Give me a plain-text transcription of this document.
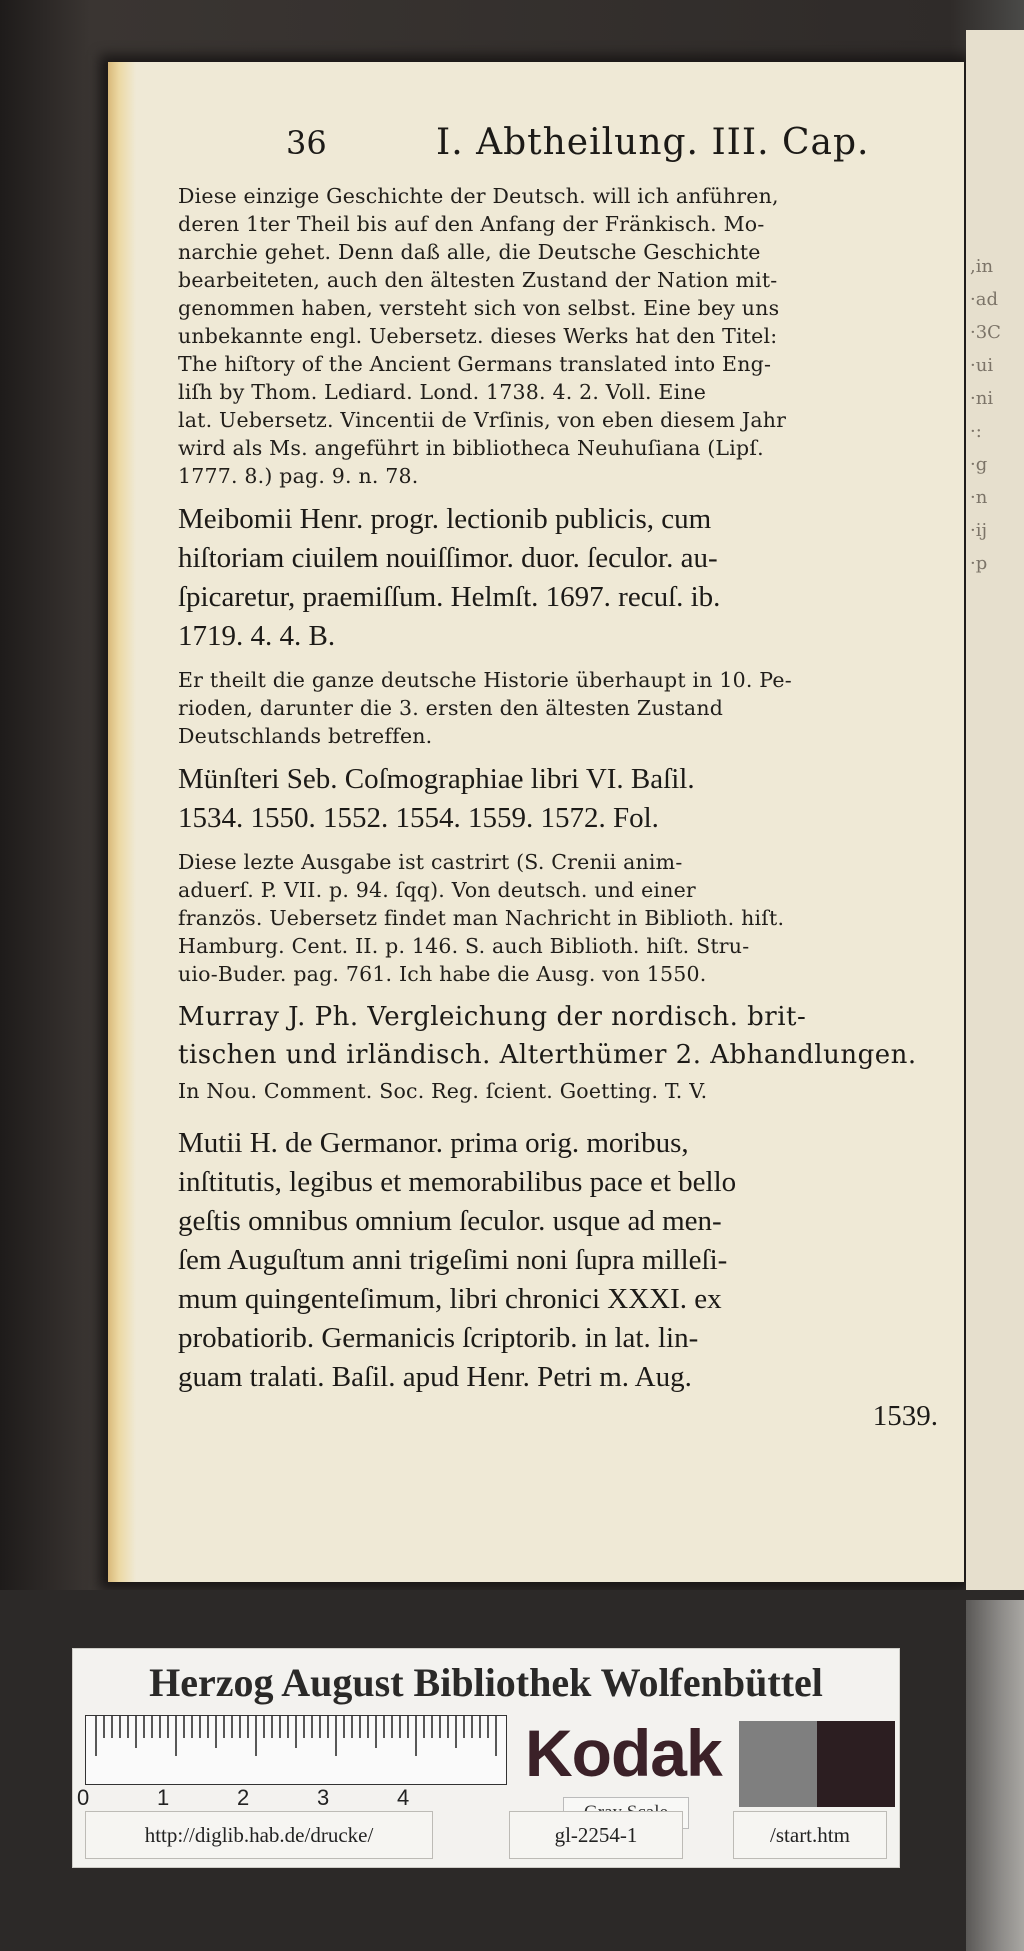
,in
·ad
·3C
·ui
·ni
·:
·g
·n
·ij
·p
36	I. Abtheilung. III. Cap.
Diese einzige Geschichte der Deutsch. will ich anführen,
deren 1ter Theil bis auf den Anfang der Fränkisch. Mo-
narchie gehet. Denn daß alle, die Deutsche Geschichte
bearbeiteten, auch den ältesten Zustand der Nation mit-
genommen haben, versteht sich von selbst. Eine bey uns
unbekannte engl. Uebersetz. dieses Werks hat den Titel:
The hiſtory of the Ancient Germans translated into Eng-
liſh by Thom. Lediard. Lond. 1738. 4. 2. Voll. Eine
lat. Uebersetz. Vincentii de Vrſinis, von eben diesem Jahr
wird als Ms. angeführt in bibliotheca Neuhuſiana (Lipſ.
1777. 8.) pag. 9. n. 78.
Meibomii Henr. progr. lectionib publicis, cum
hiſtoriam ciuilem nouiſſimor. duor. ſeculor. au-
ſpicaretur, praemiſſum. Helmſt. 1697. recuſ. ib.
1719. 4. 4. B.
Er theilt die ganze deutsche Historie überhaupt in 10. Pe-
rioden, darunter die 3. ersten den ältesten Zustand
Deutschlands betreffen.
Münſteri Seb. Coſmographiae libri VI. Baſil.
1534. 1550. 1552. 1554. 1559. 1572. Fol.
Diese lezte Ausgabe ist castrirt (S. Crenii anim-
aduerſ. P. VII. p. 94. ſqq). Von deutsch. und einer
französ. Uebersetz findet man Nachricht in Biblioth. hiſt.
Hamburg. Cent. II. p. 146. S. auch Biblioth. hiſt. Stru-
uio-Buder. pag. 761. Ich habe die Ausg. von 1550.
Murray J. Ph. Vergleichung der nordisch. brit-
tischen und irländisch. Alterthümer 2. Abhandlungen.
In Nou. Comment. Soc. Reg. ſcient. Goetting. T. V.
Mutii H. de Germanor. prima orig. moribus,
inſtitutis, legibus et memorabilibus pace et bello
geſtis omnibus omnium ſeculor. usque ad men-
ſem Auguſtum anni trigeſimi noni ſupra milleſi-
mum quingenteſimum, libri chronici XXXI. ex
probatiorib. Germanicis ſcriptorib. in lat. lin-
guam tralati. Baſil. apud Henr. Petri m. Aug.
1539.
Herzog August Bibliothek Wolfenbüttel
0	1	2	3	4
Kodak
http://diglib.hab.de/drucke/	gl-2254-1	/start.htm
